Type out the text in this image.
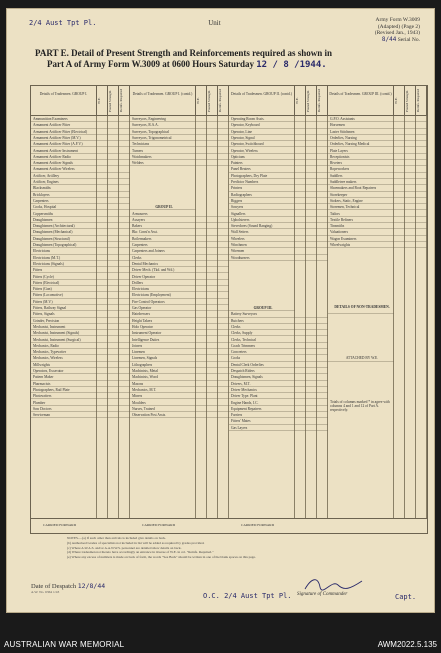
2/4 Aust Tpt Pl.	Unit	Army Form W.3009
(Adapted) (Page 2)
(Revised Jan., 1943)
8/44 Serial No.
PART E. Detail of Present Strength and Reinforcements required as shown in
Part A of Army Form W.3009 at 0600 Hours Saturday 12 / 8 /1944.
Details of Tradesmen. GROUP I.
W.E. Posted Strength Reinfs. Required	Details of Tradesmen. GROUP I. (contd.)
W.E. Posted Strength Reinfs. Required	Details of Tradesmen. GROUP II. (contd.)
W.E. Posted Strength Reinfs. Required	Details of Tradesmen. GROUP III. (contd.)
W.E. Posted Strength Reinfs. Required
Ammunition Examiners
Armament Artificer Fitter
Armament Artificer Fitter (Electrical)
Armament Artificer Fitter (M.V.)
Armament Artificer Fitter (A.F.V.)
Armament Artificer Instrument
Armament Artificer Radio
Armament Artificer Signals
Armament Artificer Wireless
Artificer, Artillery
Artificer, Engines
Blacksmiths
Bricklayers
Carpenters
Cooks, Hospital
Coppersmiths
Draughtsmen
Draughtsmen (Architectural)
Draughtsmen (Mechanical)
Draughtsmen (Structural)
Draughtsmen (Topographical)
Electricians
Electricians (M.T.)
Electricians (Signals)
Fitters
Fitters (Cycle)
Fitters (Electrical)
Fitters (Gun)
Fitters (Locomotive)
Fitters (M.V.)
Fitters, Railway Signal
Fitters, Signals
Grinder, Precision
Mechanist, Instrument
Mechanist, Instrument (Signals)
Mechanist, Instrument (Surgical)
Mechanics, Radio
Mechanics, Typewriter
Mechanics, Wireless
Millwrights
Operators, Excavator
Pattern Maker
Pharmacists
Photographers, Rail Plate
Photowriters
Plumber
Saw Doctors
Serviceman
Surveyors, Engineering
Surveyors, R.A.A.
Surveyors, Topographical
Surveyors, Trigonometrical
Technicians
Turners
Watchmakers
Welders
GROUP II.
Armourers
Assayers
Bakers
Bkr. Const'n Asst.
Boilermakers
Carpenters
Carpenters and Joiners
Clerks
Dental Mechanics
Driver Mech. (Tkd. and Wd.)
Driver Operator
Drillers
Electricians
Electricians (Employment)
Fire Control Operators
Gas Operator
Hairdressers
Height Takers
Holo Operator
Instrument Operator
Intelligence Duties
Joiners
Linemen
Linemen, Signals
Lithographers
Machinists, Metal
Machinists, Wood
Masons
Mechanics, M.T.
Miners
Moulders
Nurses, Trained
Observation Post Assts.
Operating Room Assts.
Operator, Keyboard
Operator, Line
Operator, Signal
Operator, Switchboard
Operator, Wireless
Opticians
Painters
Panel Beaters
Photographers, Dry Plate
Predictor Numbers
Printers
Radiographers
Riggers
Sawyers
Signallers
Upholsterers
Stevedores (Sound Ranging)
Wall Setters
Wheelers
Winchmen
Wiremen
Woodturners
GROUP III.
Battery Surveyors
Butchers
Clerks
Clerks, Supply
Clerks, Technical
Coach Trimmers
Concreters
Cooks
Dental Clerk Orderlies
Despatch Riders
Draughtsmen, Signals
Drivers, M.T.
Driver Mechanics
Driver Type. Plant
Engine Hands, I.C.
Equipment Repairers
Farriers
Fitters' Mates
Gas Layers
G.P.O. Assistants
Horsemen
Laster Stitchmen
Orderlies, Nursing
Orderlies, Nursing Medical
Plate Layers
Receptionists
Riveters
Ropeworkers
Saddlers
Saddletree makers
Shoemakers and Boot Repairers
Storekeeper
Stokers, Static, Engine
Storemen, Technical
Tailors
Textile Refiners
Tinsmiths
Valuationers
Wagon Examiners
Wheelwrights
DETAILS OF NON-TRADESMEN.
ATTACHED BY W.E.
Totals of columns marked * in agree with columns 4 and 1 and 12 of Part A. respectively.
CARRIED FORWARD	CARRIED FORWARD	CARRIED FORWARD
NOTES.—(a) If such other than arrivals is included give details on back.
(b) Authorised Grades of specialists not included in list will be added as required by grades provided.
(c) Where A.W.A.S. and/or A.A.N.W.S. personnel are detailed show details on back.
(d) Where tradesmen not thereto have accordingly an entrance in inverse of W.E. in col. "Reinfs. Required."
(e) Where any excess of numbers is made on back of form, the words "See Back" should be written in one of the blank spaces on this page.
Date of Despatch 12/8/44
A.W. No. 6364 1/43	O.C. 2/4 Aust Tpt Pl. Signature of Commander	Capt.
AUSTRALIAN WAR MEMORIAL	AWM2022.5.135
